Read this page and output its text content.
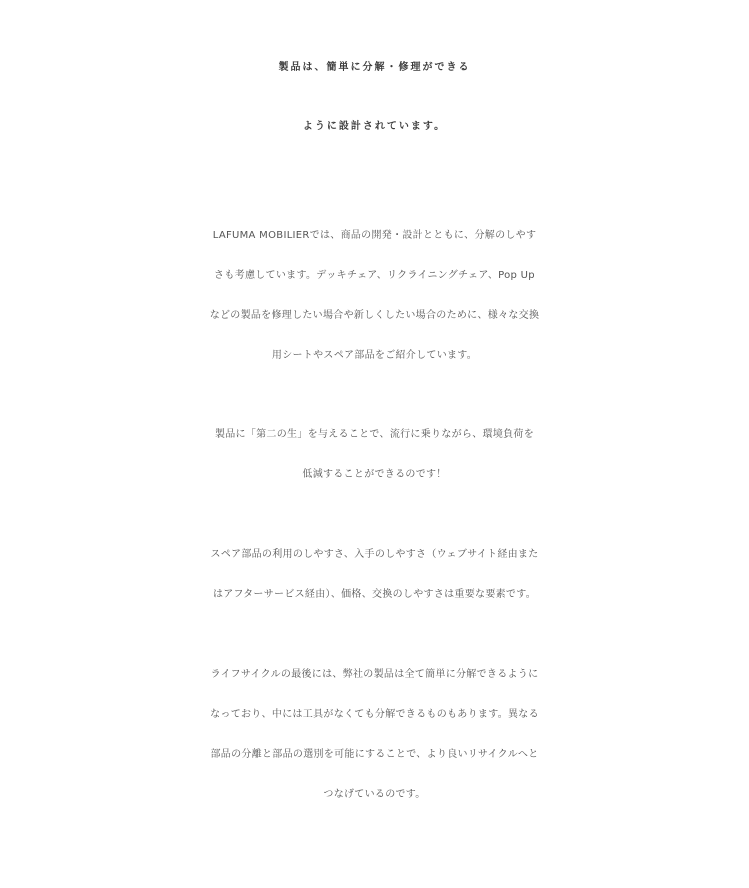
製品は、簡単に分解・修理ができる
ように設計されています。
LAFUMA MOBILIERでは、商品の開発・設計とともに、分解のしやす
さも考慮しています。デッキチェア、リクライニングチェア、Pop Up
などの製品を修理したい場合や新しくしたい場合のために、様々な交換
用シートやスペア部品をご紹介しています。
製品に「第二の生」を与えることで、流行に乗りながら、環境負荷を
低減することができるのです！
スペア部品の利用のしやすさ、入手のしやすさ（ウェブサイト経由また
はアフターサービス経由）、価格、交換のしやすさは重要な要素です。
ライフサイクルの最後には、弊社の製品は全て簡単に分解できるように
なっており、中には工具がなくても分解できるものもあります。異なる
部品の分離と部品の選別を可能にすることで、より良いリサイクルへと
つなげているのです。
